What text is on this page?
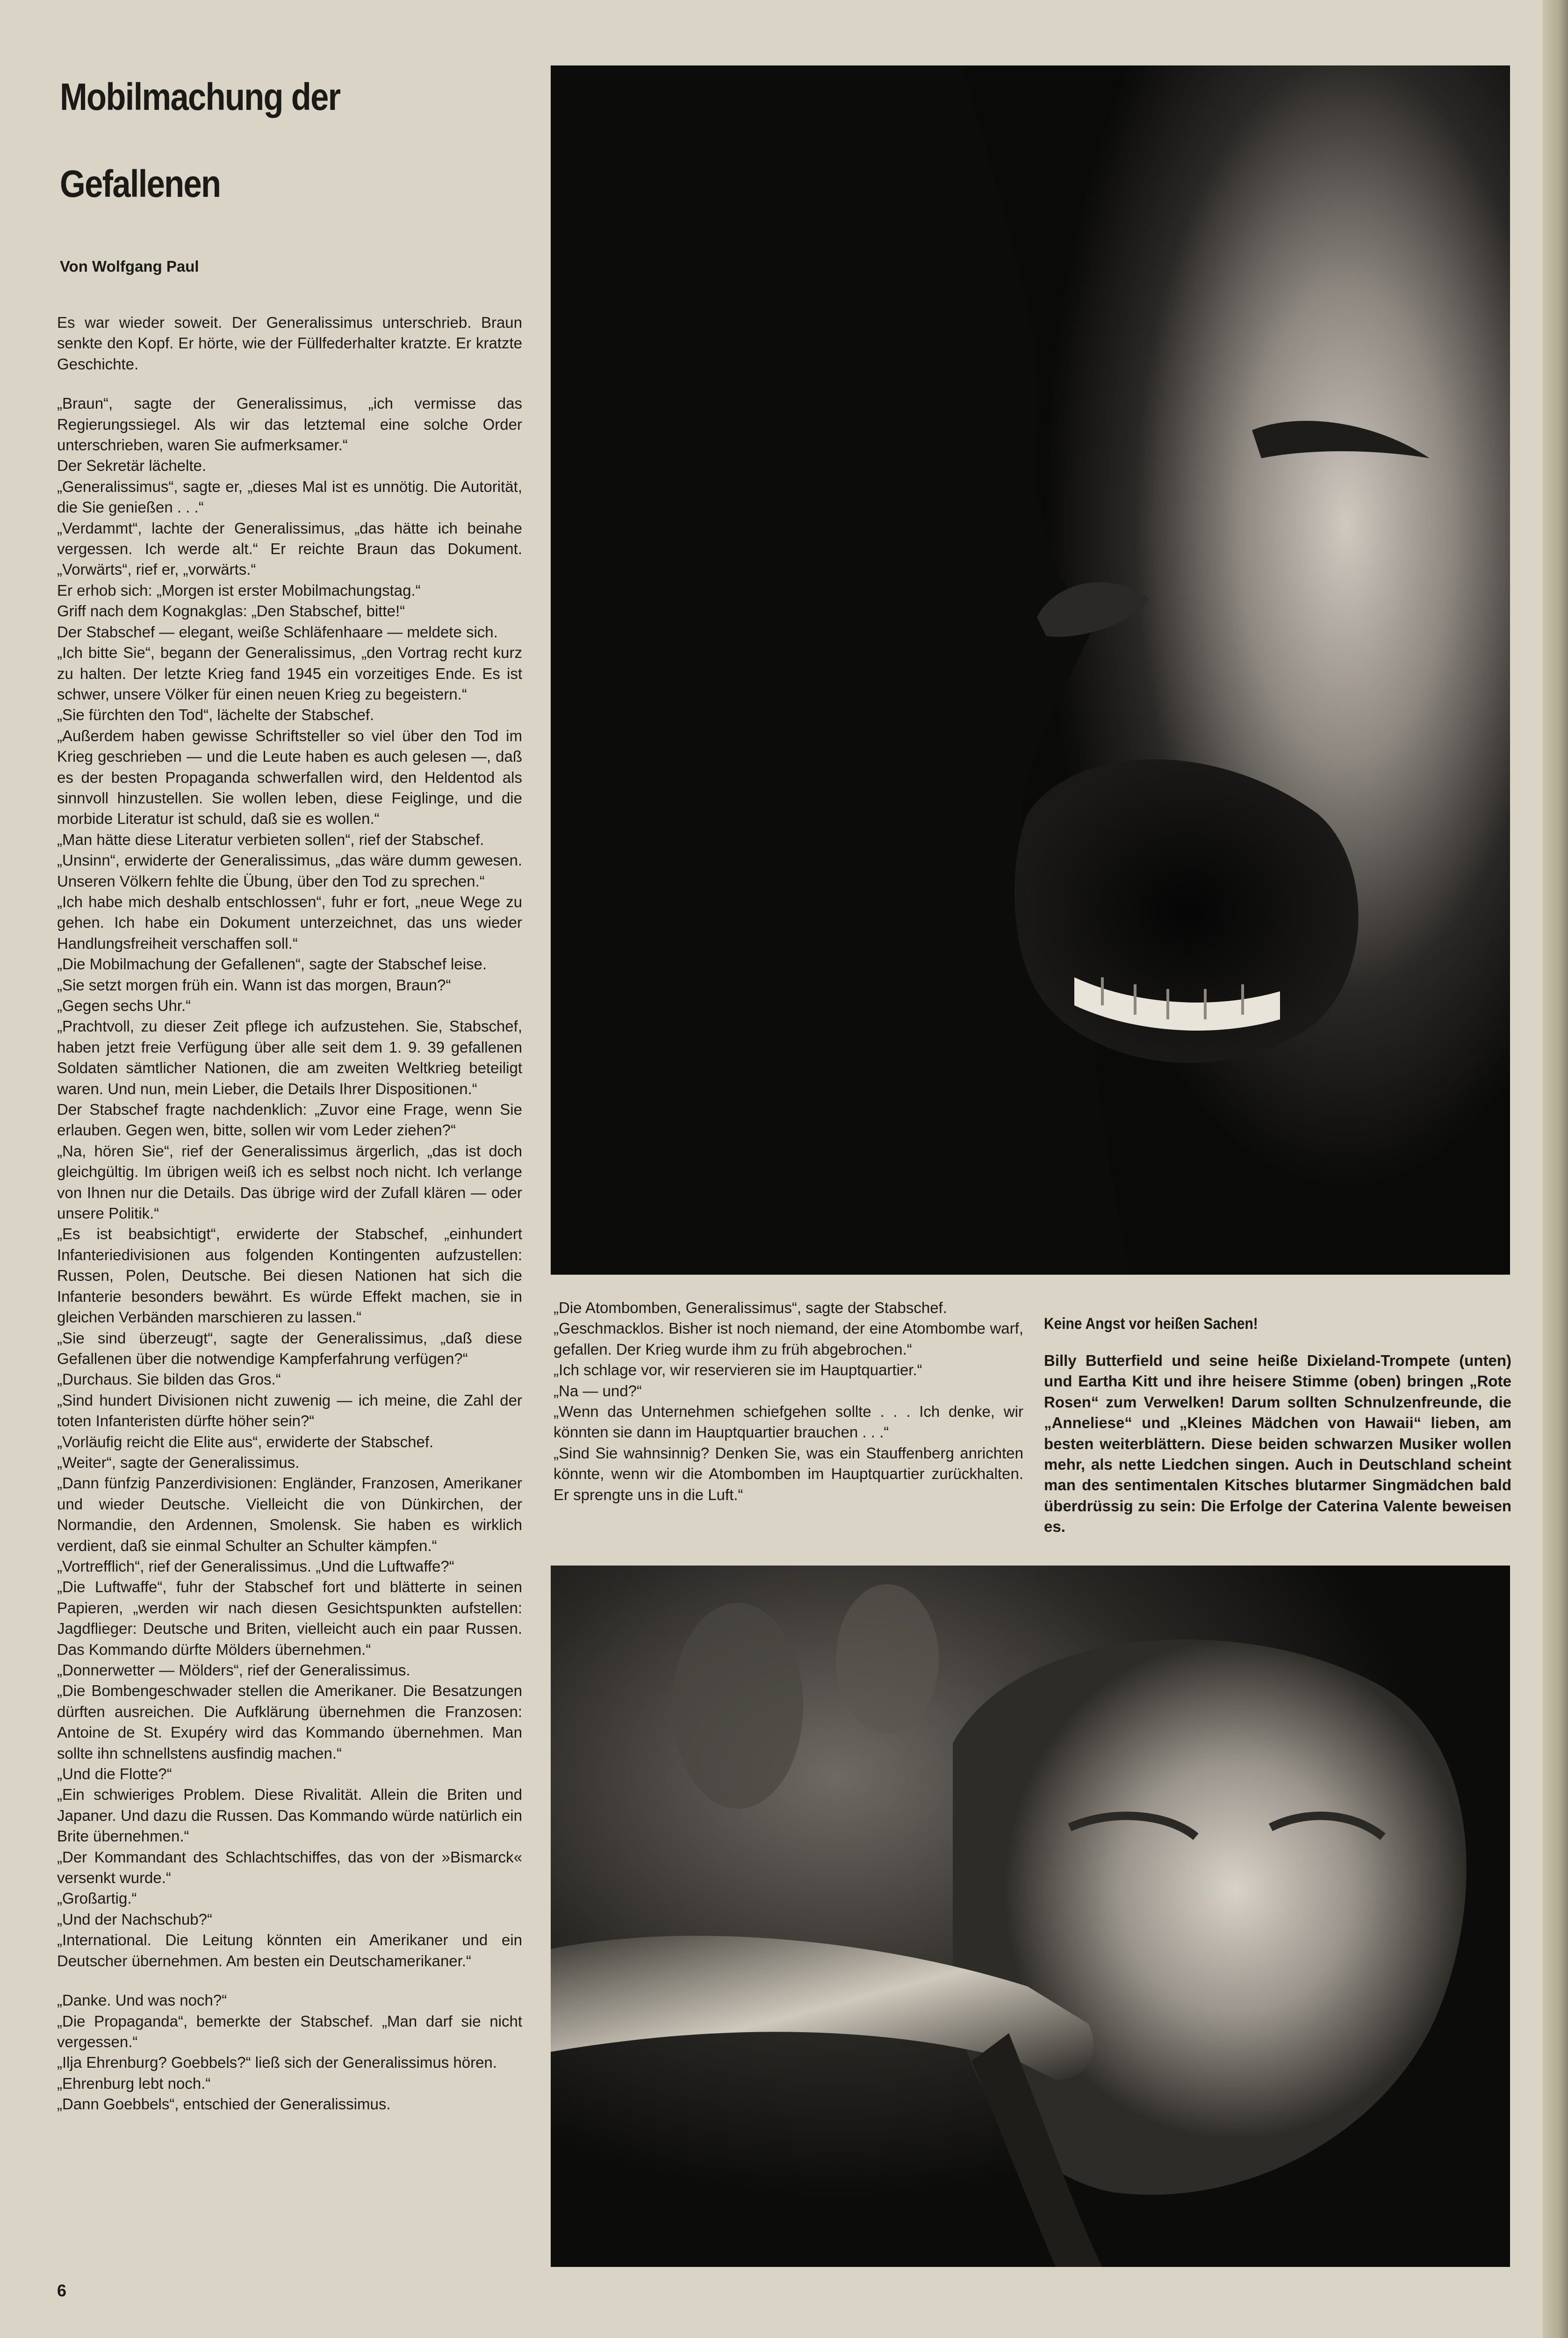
Mobilmachung der
Gefallenen

Von Wolfgang Paul

Es war wieder soweit. Der Generalissimus unterschrieb. Braun senkte den Kopf. Er hörte, wie der Füllfederhalter kratzte. Er kratzte Geschichte.

„Braun“, sagte der Generalissimus, „ich vermisse das Regierungssiegel. Als wir das letztemal eine solche Order unterschrieben, waren Sie aufmerksamer.“

Der Sekretär lächelte.

„Generalissimus“, sagte er, „dieses Mal ist es unnötig. Die Autorität, die Sie genießen . . .“

„Verdammt“, lachte der Generalissimus, „das hätte ich beinahe vergessen. Ich werde alt.“ Er reichte Braun das Dokument. „Vorwärts“, rief er, „vorwärts.“

Er erhob sich: „Morgen ist erster Mobilmachungstag.“

Griff nach dem Kognakglas: „Den Stabschef, bitte!“

Der Stabschef — elegant, weiße Schläfenhaare — meldete sich.

„Ich bitte Sie“, begann der Generalissimus, „den Vortrag recht kurz zu halten. Der letzte Krieg fand 1945 ein vorzeitiges Ende. Es ist schwer, unsere Völker für einen neuen Krieg zu begeistern.“

„Sie fürchten den Tod“, lächelte der Stabschef.

„Außerdem haben gewisse Schriftsteller so viel über den Tod im Krieg geschrieben — und die Leute haben es auch gelesen —, daß es der besten Propaganda schwerfallen wird, den Heldentod als sinnvoll hinzustellen. Sie wollen leben, diese Feiglinge, und die morbide Literatur ist schuld, daß sie es wollen.“

„Man hätte diese Literatur verbieten sollen“, rief der Stabschef.

„Unsinn“, erwiderte der Generalissimus, „das wäre dumm gewesen. Unseren Völkern fehlte die Übung, über den Tod zu sprechen.“

„Ich habe mich deshalb entschlossen“, fuhr er fort, „neue Wege zu gehen. Ich habe ein Dokument unterzeichnet, das uns wieder Handlungsfreiheit verschaffen soll.“

„Die Mobilmachung der Gefallenen“, sagte der Stabschef leise.

„Sie setzt morgen früh ein. Wann ist das morgen, Braun?“

„Gegen sechs Uhr.“

„Prachtvoll, zu dieser Zeit pflege ich aufzustehen. Sie, Stabschef, haben jetzt freie Verfügung über alle seit dem 1. 9. 39 gefallenen Soldaten sämtlicher Nationen, die am zweiten Weltkrieg beteiligt waren. Und nun, mein Lieber, die Details Ihrer Dispositionen.“

Der Stabschef fragte nachdenklich: „Zuvor eine Frage, wenn Sie erlauben. Gegen wen, bitte, sollen wir vom Leder ziehen?“

„Na, hören Sie“, rief der Generalissimus ärgerlich, „das ist doch gleichgültig. Im übrigen weiß ich es selbst noch nicht. Ich verlange von Ihnen nur die Details. Das übrige wird der Zufall klären — oder unsere Politik.“

„Es ist beabsichtigt“, erwiderte der Stabschef, „einhundert Infanteriedivisionen aus folgenden Kontingenten aufzustellen: Russen, Polen, Deutsche. Bei diesen Nationen hat sich die Infanterie besonders bewährt. Es würde Effekt machen, sie in gleichen Verbänden marschieren zu lassen.“

„Sie sind überzeugt“, sagte der Generalissimus, „daß diese Gefallenen über die notwendige Kampferfahrung verfügen?“

„Durchaus. Sie bilden das Gros.“

„Sind hundert Divisionen nicht zuwenig — ich meine, die Zahl der toten Infanteristen dürfte höher sein?“

„Vorläufig reicht die Elite aus“, erwiderte der Stabschef.

„Weiter“, sagte der Generalissimus.

„Dann fünfzig Panzerdivisionen: Engländer, Franzosen, Amerikaner und wieder Deutsche. Vielleicht die von Dünkirchen, der Normandie, den Ardennen, Smolensk. Sie haben es wirklich verdient, daß sie einmal Schulter an Schulter kämpfen.“

„Vortrefflich“, rief der Generalissimus. „Und die Luftwaffe?“

„Die Luftwaffe“, fuhr der Stabschef fort und blätterte in seinen Papieren, „werden wir nach diesen Gesichtspunkten aufstellen: Jagdflieger: Deutsche und Briten, vielleicht auch ein paar Russen. Das Kommando dürfte Mölders übernehmen.“

„Donnerwetter — Mölders“, rief der Generalissimus.

„Die Bombengeschwader stellen die Amerikaner. Die Besatzungen dürften ausreichen. Die Aufklärung übernehmen die Franzosen: Antoine de St. Exupéry wird das Kommando übernehmen. Man sollte ihn schnellstens ausfindig machen.“

„Und die Flotte?“

„Ein schwieriges Problem. Diese Rivalität. Allein die Briten und Japaner. Und dazu die Russen. Das Kommando würde natürlich ein Brite übernehmen.“

„Der Kommandant des Schlachtschiffes, das von der »Bismarck« versenkt wurde.“

„Großartig.“

„Und der Nachschub?“

„International. Die Leitung könnten ein Amerikaner und ein Deutscher übernehmen. Am besten ein Deutschamerikaner.“

„Danke. Und was noch?“

„Die Propaganda“, bemerkte der Stabschef. „Man darf sie nicht vergessen.“

„Ilja Ehrenburg? Goebbels?“ ließ sich der Generalissimus hören.

„Ehrenburg lebt noch.“

„Dann Goebbels“, entschied der Generalissimus.

„Die Atombomben, Generalissimus“, sagte der Stabschef.

„Geschmacklos. Bisher ist noch niemand, der eine Atombombe warf, gefallen. Der Krieg wurde ihm zu früh abgebrochen.“

„Ich schlage vor, wir reservieren sie im Hauptquartier.“

„Na — und?“

„Wenn das Unternehmen schiefgehen sollte . . . Ich denke, wir könnten sie dann im Hauptquartier brauchen . . .“

„Sind Sie wahnsinnig? Denken Sie, was ein Stauffenberg anrichten könnte, wenn wir die Atombomben im Hauptquartier zurückhalten. Er sprengte uns in die Luft.“

Keine Angst vor heißen Sachen!

Billy Butterfield und seine heiße Dixieland-Trompete (unten) und Eartha Kitt und ihre heisere Stimme (oben) bringen „Rote Rosen“ zum Verwelken! Darum sollten Schnulzenfreunde, die „Anneliese“ und „Kleines Mädchen von Hawaii“ lieben, am besten weiterblättern. Diese beiden schwarzen Musiker wollen mehr, als nette Liedchen singen. Auch in Deutschland scheint man des sentimentalen Kitsches blutarmer Singmädchen bald überdrüssig zu sein: Die Erfolge der Caterina Valente beweisen es.

6
